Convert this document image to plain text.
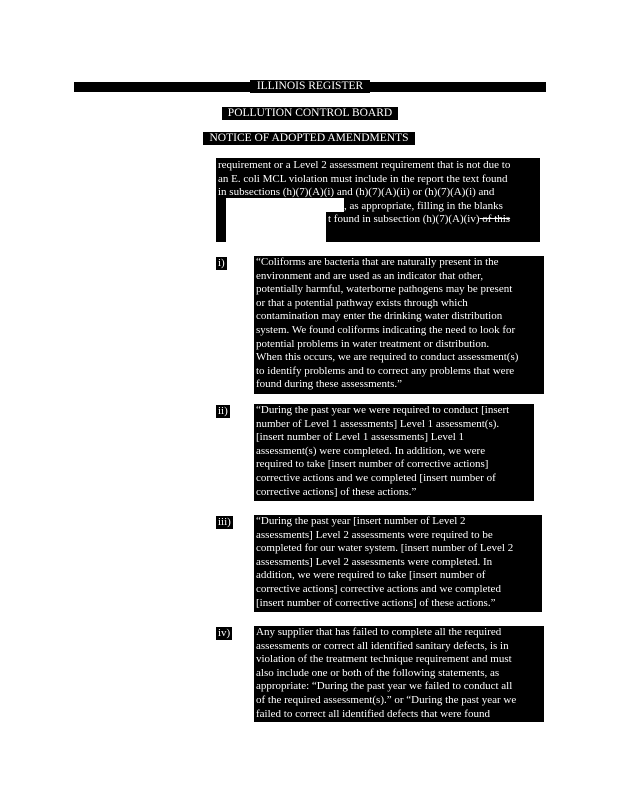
ILLINOIS REGISTER
POLLUTION CONTROL BOARD
NOTICE OF ADOPTED AMENDMENTS
requirement or a Level 2 assessment requirement that is not due to
an E. coli MCL violation must include in the report the text found
in subsections (h)(7)(A)(i) and (h)(7)(A)(ii) or (h)(7)(A)(i) and
, as appropriate, filling in the blanks
t found in subsection (h)(7)(A)(iv) of this
i)	“Coliforms are bacteria that are naturally present in the
environment and are used as an indicator that other,
potentially harmful, waterborne pathogens may be present
or that a potential pathway exists through which
contamination may enter the drinking water distribution
system. We found coliforms indicating the need to look for
potential problems in water treatment or distribution.
When this occurs, we are required to conduct assessment(s)
to identify problems and to correct any problems that were
found during these assessments.”
ii)	“During the past year we were required to conduct [insert
number of Level 1 assessments] Level 1 assessment(s).
[insert number of Level 1 assessments] Level 1
assessment(s) were completed. In addition, we were
required to take [insert number of corrective actions]
corrective actions and we completed [insert number of
corrective actions] of these actions.”
iii) “During the past year [insert number of Level 2
assessments] Level 2 assessments were required to be
completed for our water system. [insert number of Level 2
assessments] Level 2 assessments were completed. In
addition, we were required to take [insert number of
corrective actions] corrective actions and we completed
[insert number of corrective actions] of these actions.”
iv) Any supplier that has failed to complete all the required
assessments or correct all identified sanitary defects, is in
violation of the treatment technique requirement and must
also include one or both of the following statements, as
appropriate: “During the past year we failed to conduct all
of the required assessment(s).” or “During the past year we
failed to correct all identified defects that were found
